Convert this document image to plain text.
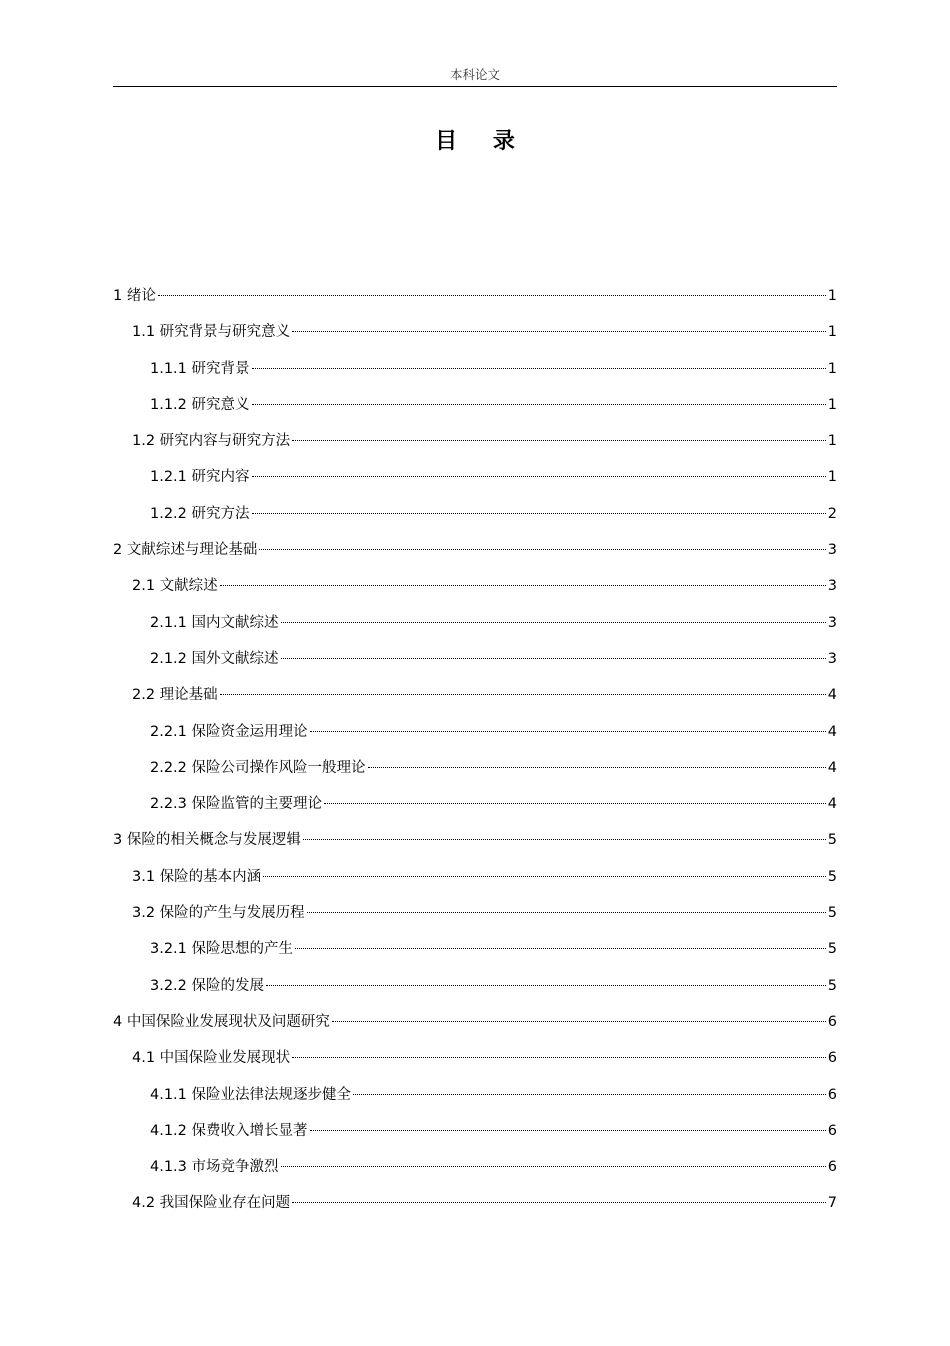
本科论文
目 录
1 绪论	1
1.1 研究背景与研究意义	1
1.1.1 研究背景	1
1.1.2 研究意义	1
1.2 研究内容与研究方法	1
1.2.1 研究内容	1
1.2.2 研究方法	2
2 文献综述与理论基础	3
2.1 文献综述	3
2.1.1 国内文献综述	3
2.1.2 国外文献综述	3
2.2 理论基础	4
2.2.1 保险资金运用理论	4
2.2.2 保险公司操作风险一般理论	4
2.2.3 保险监管的主要理论	4
3 保险的相关概念与发展逻辑	5
3.1 保险的基本内涵	5
3.2 保险的产生与发展历程	5
3.2.1 保险思想的产生	5
3.2.2 保险的发展	5
4 中国保险业发展现状及问题研究	6
4.1 中国保险业发展现状	6
4.1.1 保险业法律法规逐步健全	6
4.1.2 保费收入增长显著	6
4.1.3 市场竞争激烈	6
4.2 我国保险业存在问题	7
